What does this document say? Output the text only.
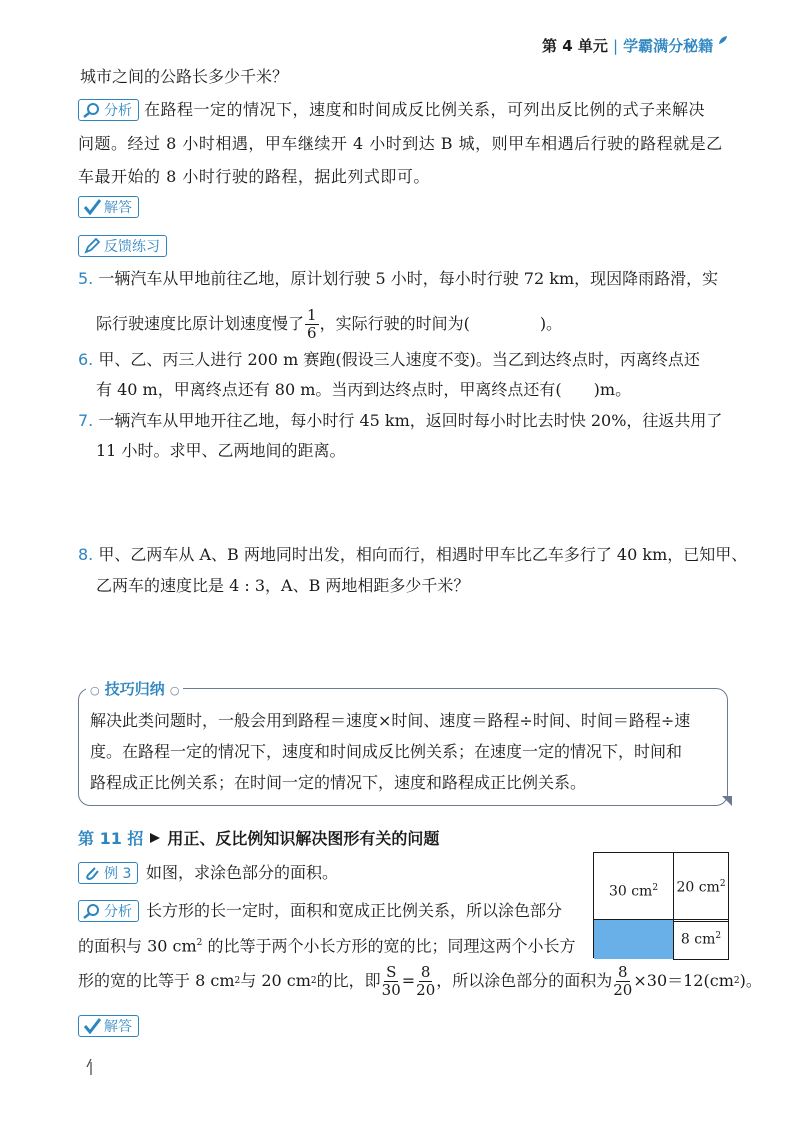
第 4 单元 | 学霸满分秘籍
城市之间的公路长多少千米？
分析 在路程一定的情况下，速度和时间成反比例关系，可列出反比例的式子来解决
问题。经过 8 小时相遇，甲车继续开 4 小时到达 B 城，则甲车相遇后行驶的路程就是乙
车最开始的 8 小时行驶的路程，据此列式即可。
解答
反馈练习
5. 一辆汽车从甲地前往乙地，原计划行驶 5 小时，每小时行驶 72 km，现因降雨路滑，实
际行驶速度比原计划速度慢了 $\frac{1}{6}$ ，实际行驶的时间为(	)。
6. 甲、乙、丙三人进行 200 m 赛跑(假设三人速度不变)。当乙到达终点时，丙离终点还
有 40 m，甲离终点还有 80 m。当丙到达终点时，甲离终点还有( )m。
7. 一辆汽车从甲地开往乙地，每小时行 45 km，返回时每小时比去时快 20%，往返共用了
11 小时。求甲、乙两地间的距离。
8. 甲、乙两车从 A、B 两地同时出发，相向而行，相遇时甲车比乙车多行了 40 km，已知甲、
乙两车的速度比是 4 : 3，A、B 两地相距多少千米？
○ 技巧归纳 ○
解决此类问题时，一般会用到路程＝速度×时间、速度＝路程÷时间、时间＝路程÷速
度。在路程一定的情况下，速度和时间成反比例关系；在速度一定的情况下，时间和
路程成正比例关系；在时间一定的情况下，速度和路程成正比例关系。
第 11 招 用正、反比例知识解决图形有关的问题
例 3 如图，求涂色部分的面积。
分析 长方形的长一定时，面积和宽成正比例关系，所以涂色部分
的面积与 30 $cm^2$ 的比等于两个小长方形的宽的比；同理这两个小长方
形的宽的比等于 8 cm 2 与 20 cm 2 的比，即 $\frac{S}{30} = \frac{8}{20}$ ，所以涂色部分的面积为 $\frac{8}{20} \times 30=12(cm$ 2 )。
30 $cm^2$ 20 $cm^2$
8 $cm^2$
解答
